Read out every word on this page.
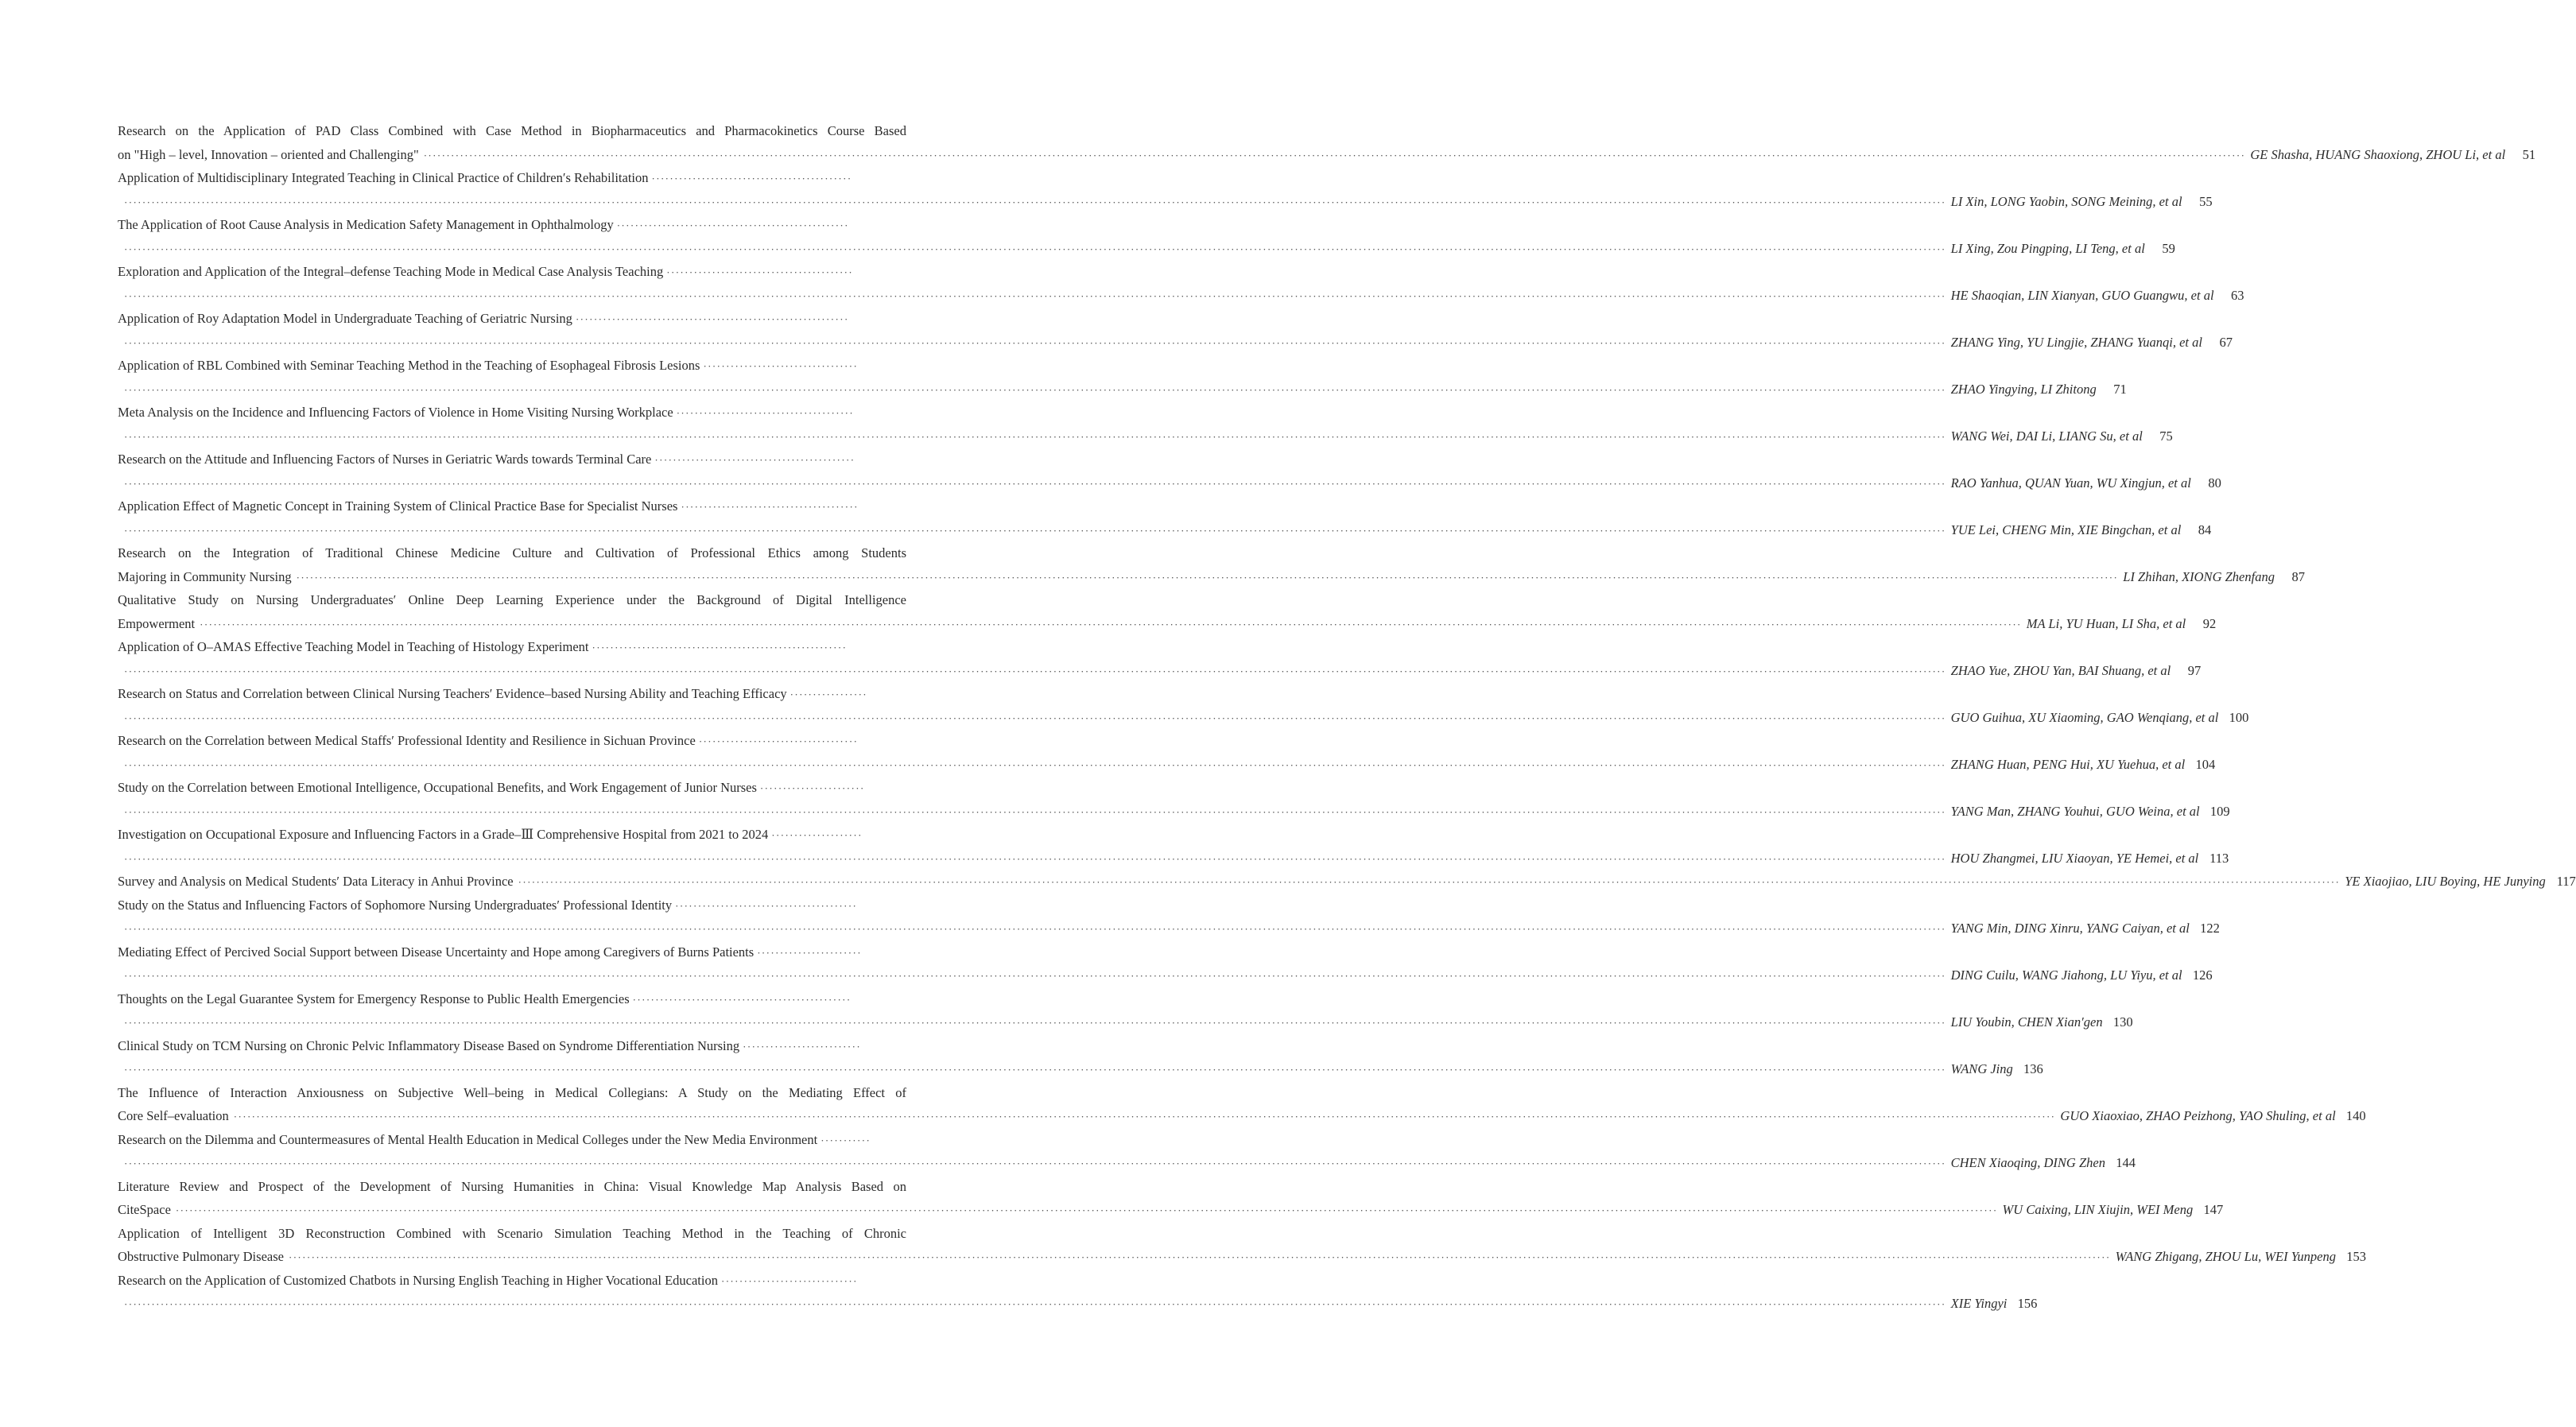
Research on the Application of PAD Class Combined with Case Method in Biopharmaceutics and Pharmacokinetics Course Based
on "High – level, Innovation – oriented and Challenging" ················································································································································································································································································································································································································ GE Shasha, HUANG Shaoxiong, ZHOU Li, et al	51
Application of Multidisciplinary Integrated Teaching in Clinical Practice of Children′s Rehabilitation ············································
················································································································································································································································································································································································································ LI Xin, LONG Yaobin, SONG Meining, et al	55
The Application of Root Cause Analysis in Medication Safety Management in Ophthalmology ···················································
················································································································································································································································································································································································································ LI Xing, Zou Pingping, LI Teng, et al	59
Exploration and Application of the Integral–defense Teaching Mode in Medical Case Analysis Teaching ·········································
················································································································································································································································································································································································································ HE Shaoqian, LIN Xianyan, GUO Guangwu, et al	63
Application of Roy Adaptation Model in Undergraduate Teaching of Geriatric Nursing ····························································
················································································································································································································································································································································································································ ZHANG Ying, YU Lingjie, ZHANG Yuanqi, et al	67
Application of RBL Combined with Seminar Teaching Method in the Teaching of Esophageal Fibrosis Lesions ··································
················································································································································································································································································································································································································ ZHAO Yingying, LI Zhitong	71
Meta Analysis on the Incidence and Influencing Factors of Violence in Home Visiting Nursing Workplace ·······································
················································································································································································································································································································································································································ WANG Wei, DAI Li, LIANG Su, et al	75
Research on the Attitude and Influencing Factors of Nurses in Geriatric Wards towards Terminal Care ············································
················································································································································································································································································································································································································ RAO Yanhua, QUAN Yuan, WU Xingjun, et al	80
Application Effect of Magnetic Concept in Training System of Clinical Practice Base for Specialist Nurses ·······································
················································································································································································································································································································································································································ YUE Lei, CHENG Min, XIE Bingchan, et al	84
Research on the Integration of Traditional Chinese Medicine Culture and Cultivation of Professional Ethics among Students
Majoring in Community Nursing ················································································································································································································································································································································································································ LI Zhihan, XIONG Zhenfang	87
Qualitative Study on Nursing Undergraduates′ Online Deep Learning Experience under the Background of Digital Intelligence
Empowerment ················································································································································································································································································································································································································ MA Li, YU Huan, LI Sha, et al	92
Application of O–AMAS Effective Teaching Model in Teaching of Histology Experiment ························································
················································································································································································································································································································································································································ ZHAO Yue, ZHOU Yan, BAI Shuang, et al	97
Research on Status and Correlation between Clinical Nursing Teachers′ Evidence–based Nursing Ability and Teaching Efficacy ·················
················································································································································································································································································································································································································ GUO Guihua, XU Xiaoming, GAO Wenqiang, et al 100
Research on the Correlation between Medical Staffs′ Professional Identity and Resilience in Sichuan Province ···································
················································································································································································································································································································································································································ ZHANG Huan, PENG Hui, XU Yuehua, et al 104
Study on the Correlation between Emotional Intelligence, Occupational Benefits, and Work Engagement of Junior Nurses ·······················
················································································································································································································································································································································································································ YANG Man, ZHANG Youhui, GUO Weina, et al 109
Investigation on Occupational Exposure and Influencing Factors in a Grade–Ⅲ Comprehensive Hospital from 2021 to 2024 ····················
················································································································································································································································································································································································································ HOU Zhangmei, LIU Xiaoyan, YE Hemei, et al 113
Survey and Analysis on Medical Students′ Data Literacy in Anhui Province ················································································································································································································································································································································································································ YE Xiaojiao, LIU Boying, HE Junying 117
Study on the Status and Influencing Factors of Sophomore Nursing Undergraduates′ Professional Identity ········································
················································································································································································································································································································································································································ YANG Min, DING Xinru, YANG Caiyan, et al 122
Mediating Effect of Percived Social Support between Disease Uncertainty and Hope among Caregivers of Burns Patients ·······················
················································································································································································································································································································································································································ DING Cuilu, WANG Jiahong, LU Yiyu, et al 126
Thoughts on the Legal Guarantee System for Emergency Response to Public Health Emergencies ················································
················································································································································································································································································································································································································ LIU Youbin, CHEN Xian′gen 130
Clinical Study on TCM Nursing on Chronic Pelvic Inflammatory Disease Based on Syndrome Differentiation Nursing ··························
················································································································································································································································································································································································································ WANG Jing 136
The Influence of Interaction Anxiousness on Subjective Well–being in Medical Collegians: A Study on the Mediating Effect of
Core Self–evaluation ················································································································································································································································································································································································································ GUO Xiaoxiao, ZHAO Peizhong, YAO Shuling, et al 140
Research on the Dilemma and Countermeasures of Mental Health Education in Medical Colleges under the New Media Environment ···········
················································································································································································································································································································································································································ CHEN Xiaoqing, DING Zhen 144
Literature Review and Prospect of the Development of Nursing Humanities in China: Visual Knowledge Map Analysis Based on
CiteSpace ················································································································································································································································································································································································································ WU Caixing, LIN Xiujin, WEI Meng 147
Application of Intelligent 3D Reconstruction Combined with Scenario Simulation Teaching Method in the Teaching of Chronic
Obstructive Pulmonary Disease ················································································································································································································································································································································································································ WANG Zhigang, ZHOU Lu, WEI Yunpeng 153
Research on the Application of Customized Chatbots in Nursing English Teaching in Higher Vocational Education ······························
················································································································································································································································································································································································································ XIE Yingyi 156
